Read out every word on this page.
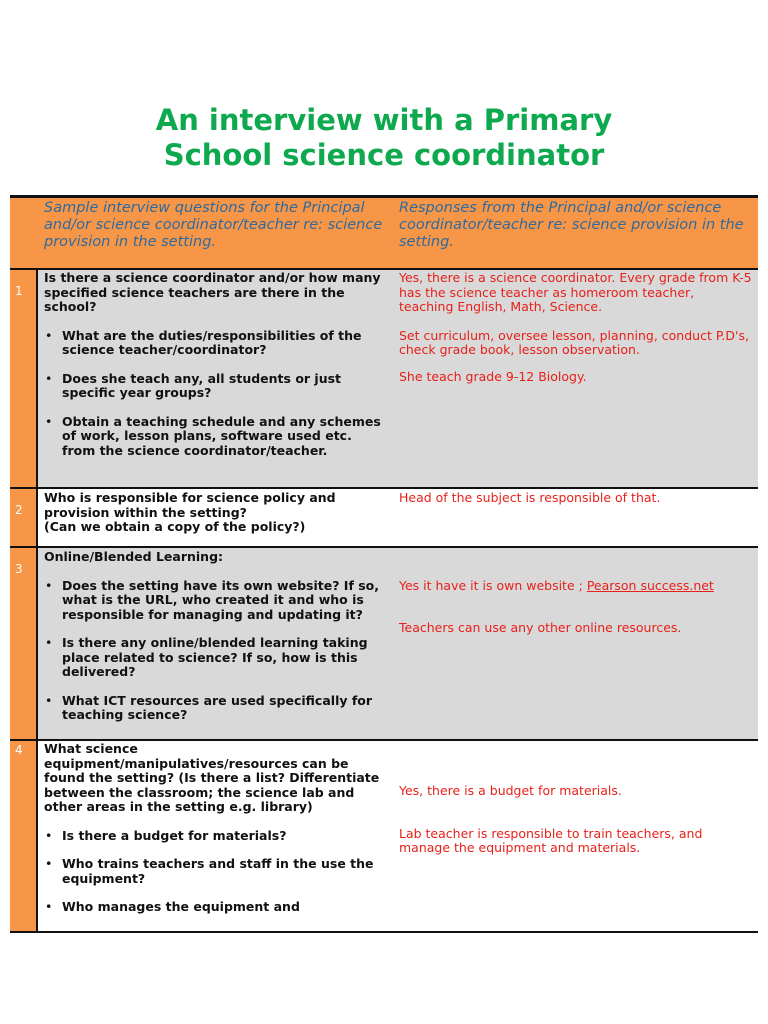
An interview with a Primary
School science coordinator
Sample interview questions for the Principal and/or science coordinator/teacher re: science provision in the setting.
Responses from the Principal and/or science coordinator/teacher re: science provision in the setting.
1

Is there a science coordinator and/or how many specified science teachers are there in the school?

• What are the duties/responsibilities of the science teacher/coordinator?
• Does she teach any, all students or just specific year groups?
• Obtain a teaching schedule and any schemes of work, lesson plans, software used etc. from the science coordinator/teacher.

Yes, there is a science coordinator. Every grade from K-5 has the science teacher as homeroom teacher, teaching English, Math, Science.

Set curriculum, oversee lesson, planning, conduct P.D's, check grade book, lesson observation.

She teach grade 9-12 Biology.

2

Who is responsible for science policy and provision within the setting?

(Can we obtain a copy of the policy?)

Head of the subject is responsible of that.

3

Online/Blended Learning:

• Does the setting have its own website? If so, what is the URL, who created it and who is responsible for managing and updating it?
• Is there any online/blended learning taking place related to science? If so, how is this delivered?
• What ICT resources are used specifically for teaching science?

Yes it have it is own website ; Pearson success.net

Teachers can use any other online resources.

4	What science equipment/manipulatives/resources can be found the setting? (Is there a list? Differentiate between the classroom; the science lab and other areas in the setting e.g. library)

• Is there a budget for materials?
• Who trains teachers and staff in the use the equipment?
• Who manages the equipment and

Yes, there is a budget for materials.

Lab teacher is responsible to train teachers, and manage the equipment and materials.
